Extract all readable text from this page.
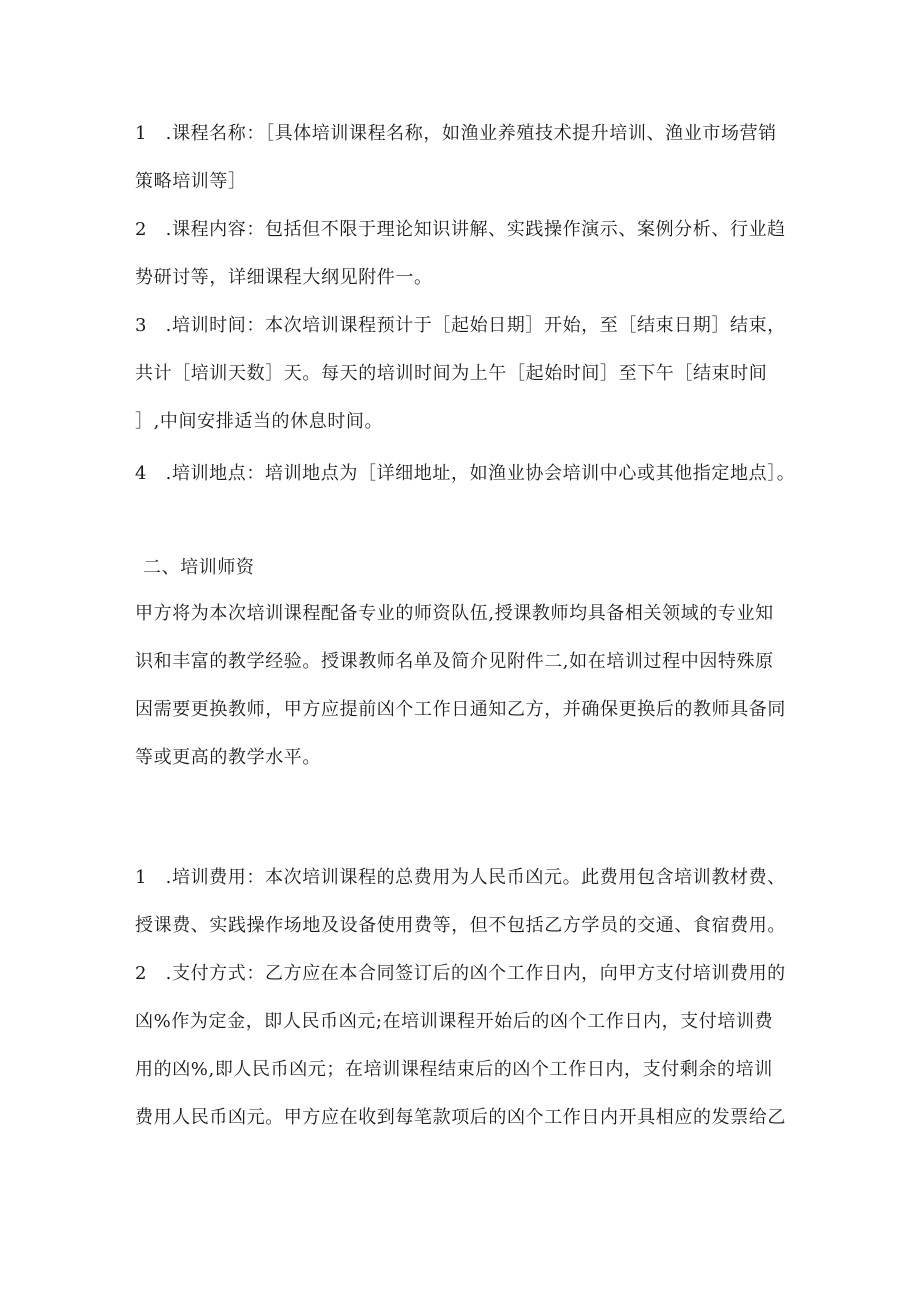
1　.课程名称：［具体培训课程名称，如渔业养殖技术提升培训、渔业市场营销
策略培训等］
2　.课程内容：包括但不限于理论知识讲解、实践操作演示、案例分析、行业趋
势研讨等，详细课程大纲见附件一。
3　.培训时间：本次培训课程预计于［起始日期］开始，至［结束日期］结束，
共计［培训天数］天。每天的培训时间为上午［起始时间］至下午［结束时间
］,中间安排适当的休息时间。
4　.培训地点：培训地点为［详细地址，如渔业协会培训中心或其他指定地点］。
二、培训师资
甲方将为本次培训课程配备专业的师资队伍,授课教师均具备相关领域的专业知
识和丰富的教学经验。授课教师名单及简介见附件二,如在培训过程中因特殊原
因需要更换教师，甲方应提前凶个工作日通知乙方，并确保更换后的教师具备同
等或更高的教学水平。
1　.培训费用：本次培训课程的总费用为人民币凶元。此费用包含培训教材费、
授课费、实践操作场地及设备使用费等，但不包括乙方学员的交通、食宿费用。
2　.支付方式：乙方应在本合同签订后的凶个工作日内，向甲方支付培训费用的
凶%作为定金，即人民币凶元;在培训课程开始后的凶个工作日内，支付培训费
用的凶%,即人民币凶元；在培训课程结束后的凶个工作日内，支付剩余的培训
费用人民币凶元。甲方应在收到每笔款项后的凶个工作日内开具相应的发票给乙
